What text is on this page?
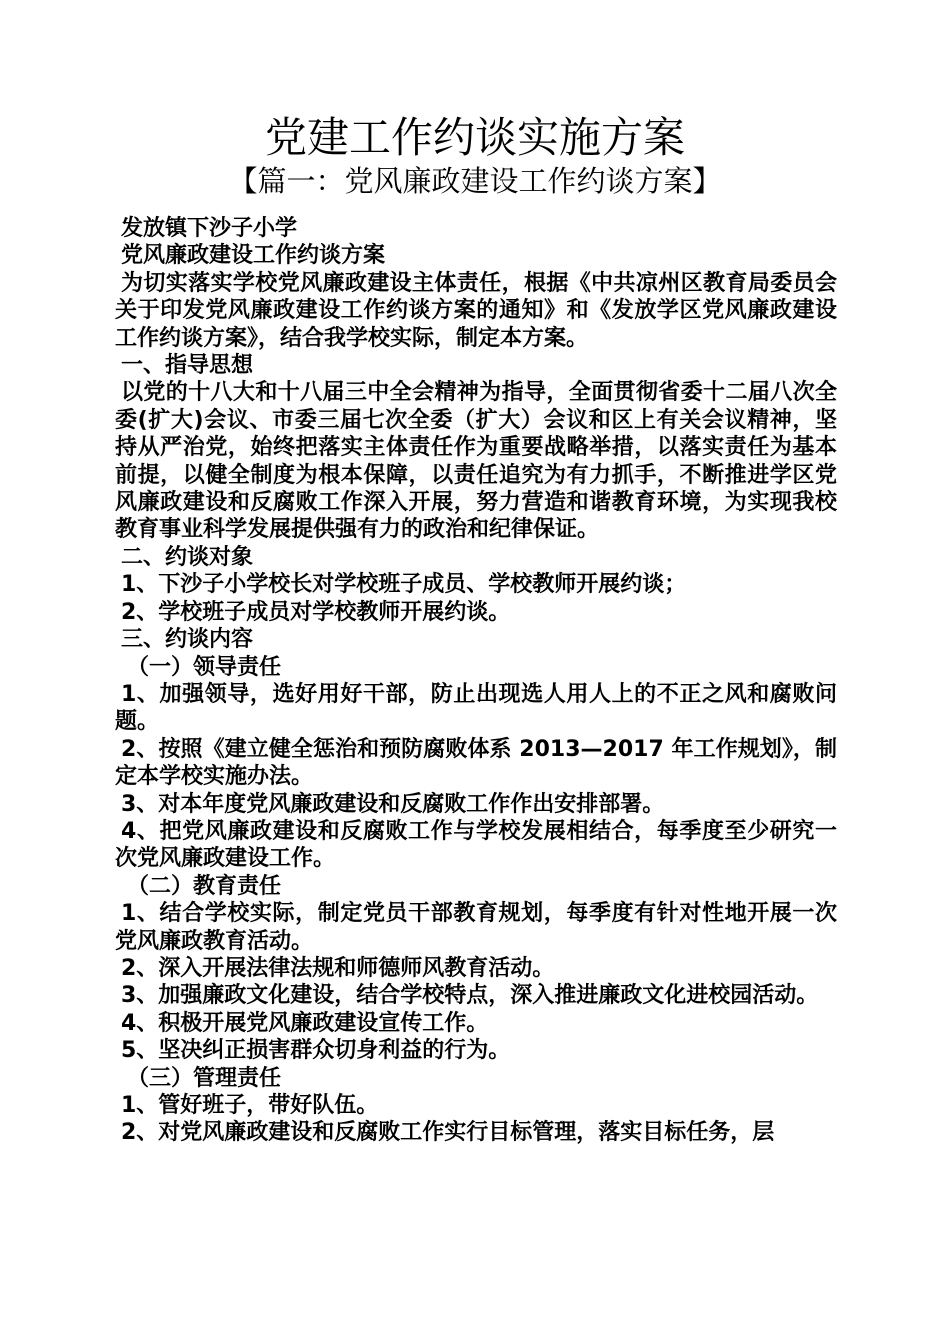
党建工作约谈实施方案
【篇一：党风廉政建设工作约谈方案】

发放镇下沙子小学

党风廉政建设工作约谈方案

为切实落实学校党风廉政建设主体责任，根据《中共凉州区教育局委员会关于印发党风廉政建设工作约谈方案的通知》和《发放学区党风廉政建设工作约谈方案》，结合我学校实际，制定本方案。

一、指导思想

以党的十八大和十八届三中全会精神为指导，全面贯彻省委十二届八次全委(扩大)会议、市委三届七次全委（扩大）会议和区上有关会议精神，坚持从严治党，始终把落实主体责任作为重要战略举措，以落实责任为基本前提，以健全制度为根本保障，以责任追究为有力抓手，不断推进学区党风廉政建设和反腐败工作深入开展，努力营造和谐教育环境，为实现我校教育事业科学发展提供强有力的政治和纪律保证。

二、约谈对象

1、下沙子小学校长对学校班子成员、学校教师开展约谈；

2、学校班子成员对学校教师开展约谈。

三、约谈内容

（一）领导责任

1、加强领导，选好用好干部，防止出现选人用人上的不正之风和腐败问题。

2、按照《建立健全惩治和预防腐败体系 2013—2017 年工作规划》，制定本学校实施办法。

3、对本年度党风廉政建设和反腐败工作作出安排部署。

4、把党风廉政建设和反腐败工作与学校发展相结合，每季度至少研究一次党风廉政建设工作。

（二）教育责任

1、结合学校实际，制定党员干部教育规划，每季度有针对性地开展一次党风廉政教育活动。

2、深入开展法律法规和师德师风教育活动。

3、加强廉政文化建设，结合学校特点，深入推进廉政文化进校园活动。

4、积极开展党风廉政建设宣传工作。

5、坚决纠正损害群众切身利益的行为。

（三）管理责任

1、管好班子，带好队伍。

2、对党风廉政建设和反腐败工作实行目标管理，落实目标任务，层
